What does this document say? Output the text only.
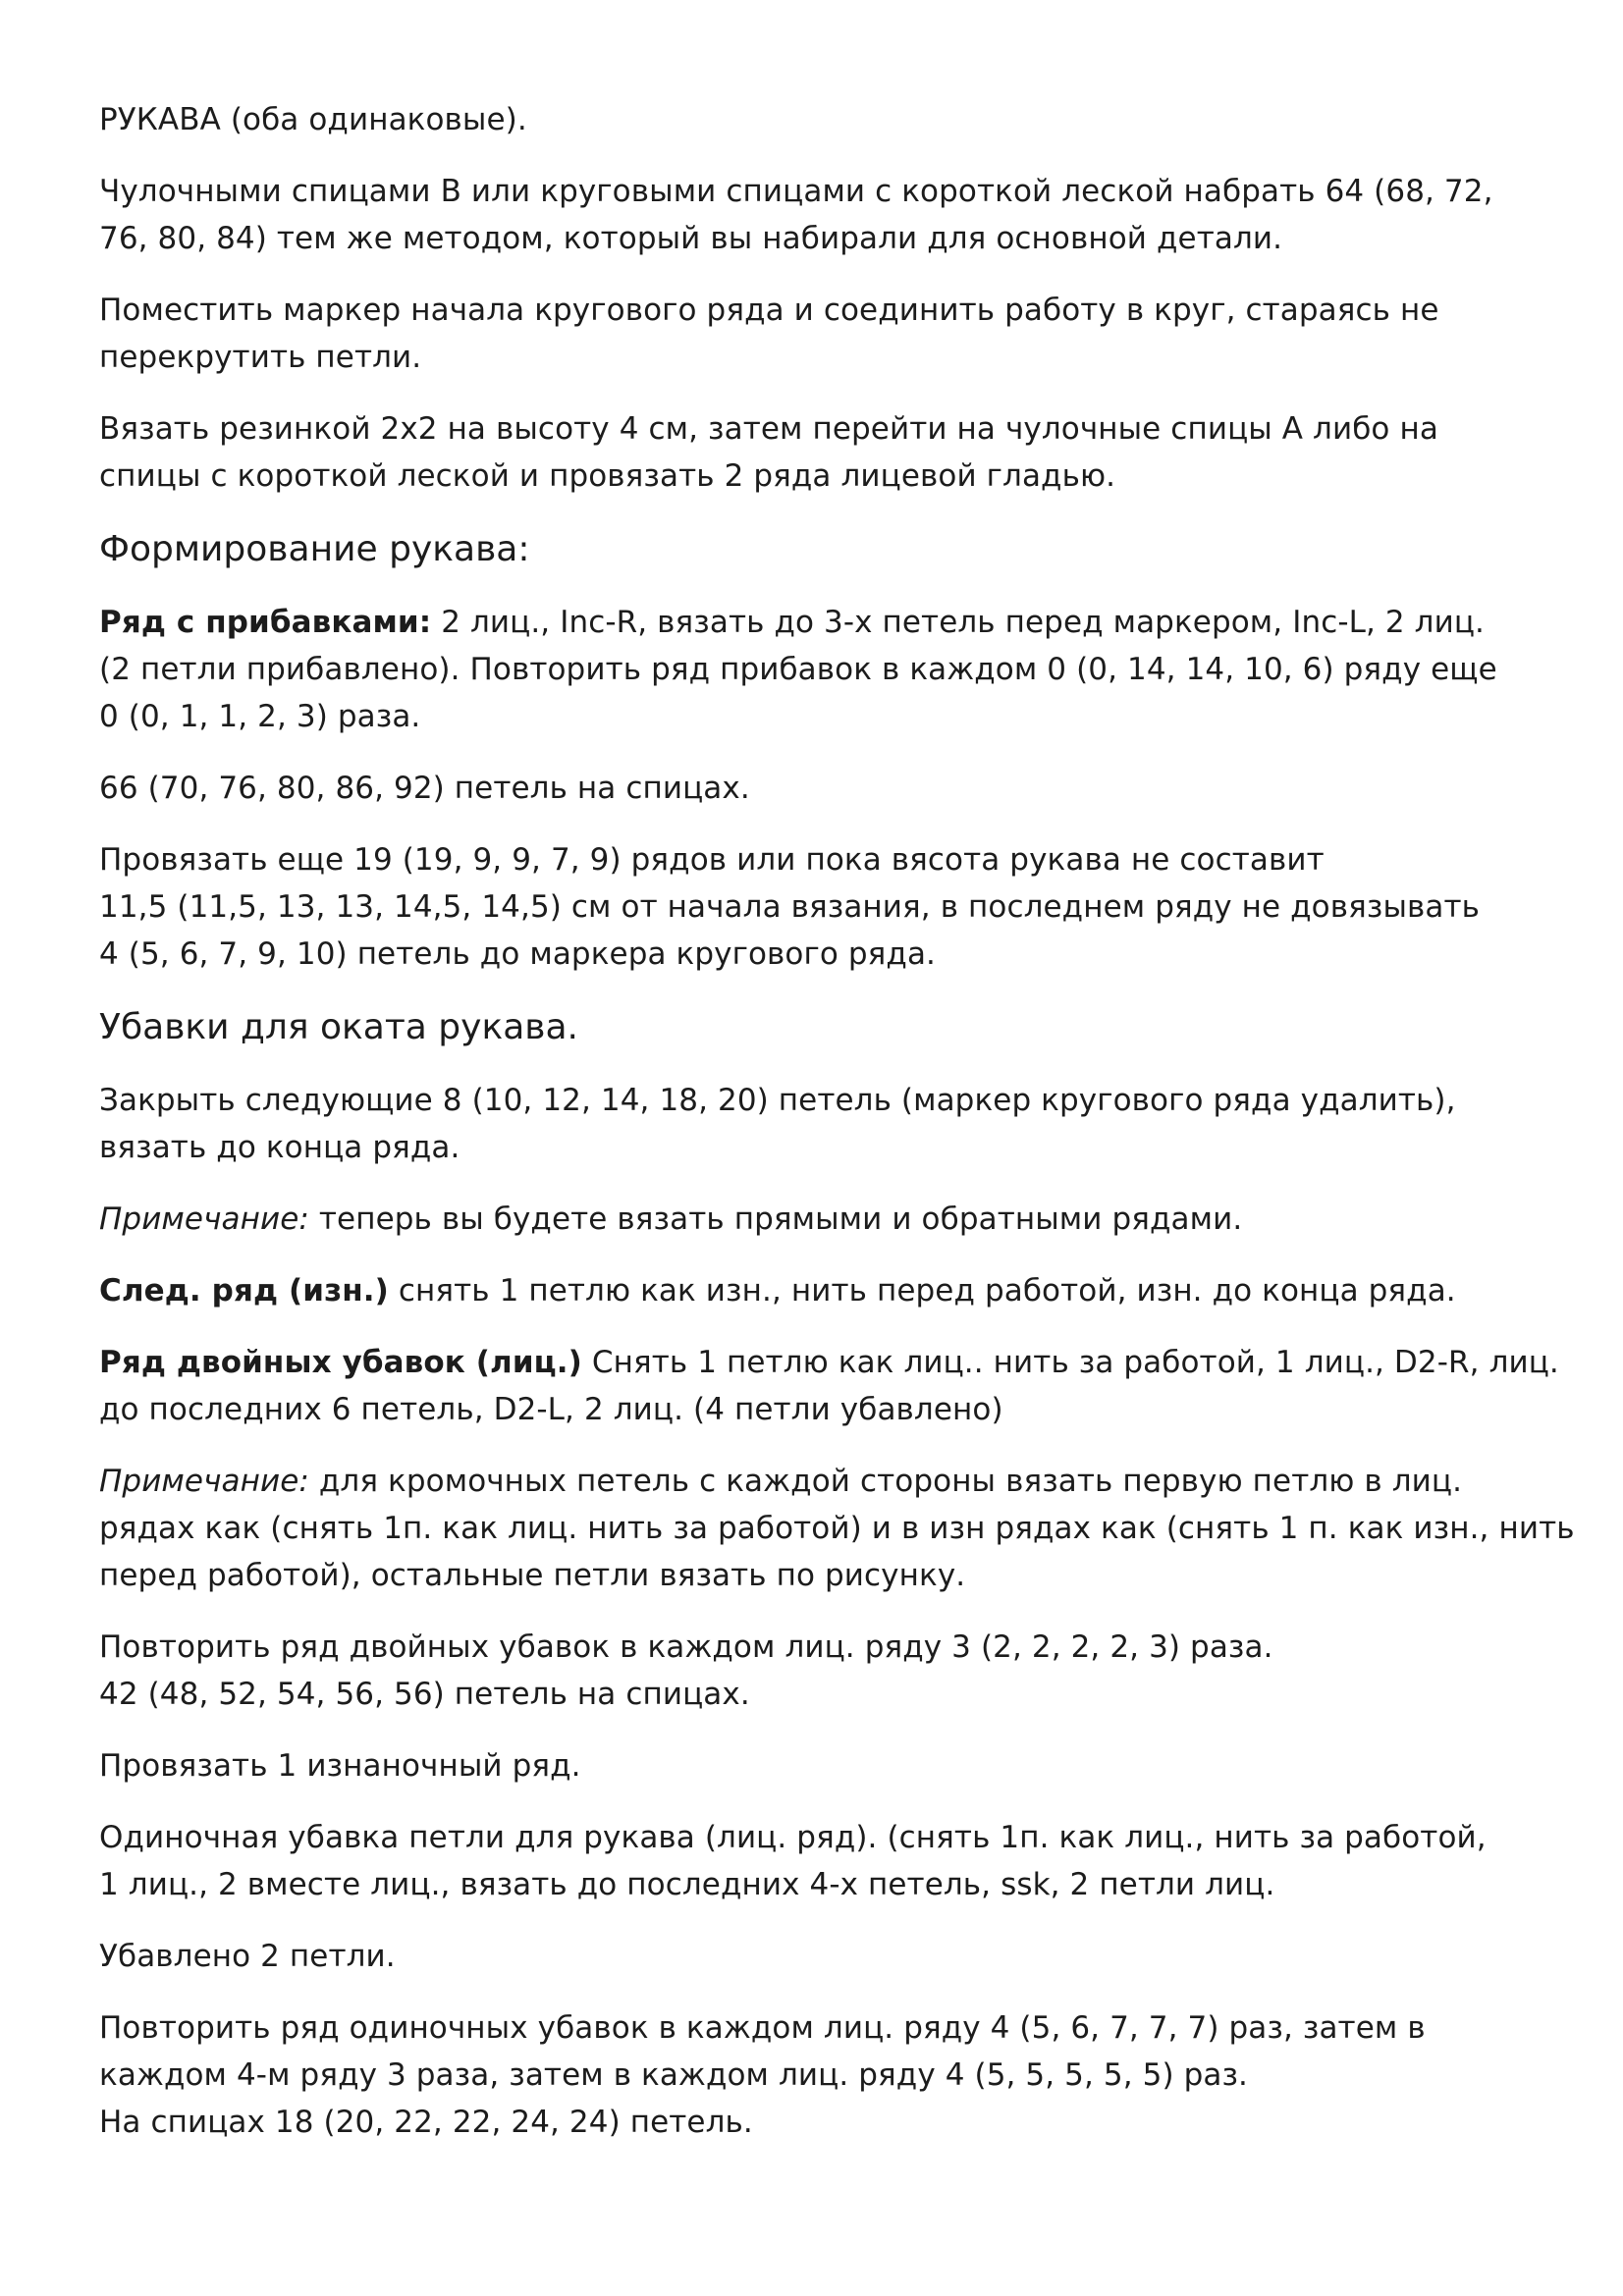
РУКАВА (оба одинаковые).
Чулочными спицами В или круговыми спицами с короткой леской набрать 64 (68, 72,
76, 80, 84) тем же методом, который вы набирали для основной детали.
Поместить маркер начала кругового ряда и соединить работу в круг, стараясь не
перекрутить петли.
Вязать резинкой 2х2 на высоту 4 см, затем перейти на чулочные спицы А либо на
спицы с короткой леской и провязать 2 ряда лицевой гладью.
Формирование рукава:
Ряд с прибавками: 2 лиц., Inc-R, вязать до 3-х петель перед маркером, Inc-L, 2 лиц.
(2 петли прибавлено). Повторить ряд прибавок в каждом 0 (0, 14, 14, 10, 6) ряду еще
0 (0, 1, 1, 2, 3) раза.
66 (70, 76, 80, 86, 92) петель на спицах.
Провязать еще 19 (19, 9, 9, 7, 9) рядов или пока вясота рукава не составит
11,5 (11,5, 13, 13, 14,5, 14,5) см от начала вязания, в последнем ряду не довязывать
4 (5, 6, 7, 9, 10) петель до маркера кругового ряда.
Убавки для оката рукава.
Закрыть следующие 8 (10, 12, 14, 18, 20) петель (маркер кругового ряда удалить),
вязать до конца ряда.
Примечание: теперь вы будете вязать прямыми и обратными рядами.
След. ряд (изн.) снять 1 петлю как изн., нить перед работой, изн. до конца ряда.
Ряд двойных убавок (лиц.) Снять 1 петлю как лиц.. нить за работой, 1 лиц., D2-R, лиц.
до последних 6 петель, D2-L, 2 лиц. (4 петли убавлено)
Примечание: для кромочных петель с каждой стороны вязать первую петлю в лиц.
рядах как (снять 1п. как лиц. нить за работой) и в изн рядах как (снять 1 п. как изн., нить
перед работой), остальные петли вязать по рисунку.
Повторить ряд двойных убавок в каждом лиц. ряду 3 (2, 2, 2, 2, 3) раза.
42 (48, 52, 54, 56, 56) петель на спицах.
Провязать 1 изнаночный ряд.
Одиночная убавка петли для рукава (лиц. ряд). (снять 1п. как лиц., нить за работой,
1 лиц., 2 вместе лиц., вязать до последних 4-х петель, ssk, 2 петли лиц.
Убавлено 2 петли.
Повторить ряд одиночных убавок в каждом лиц. ряду 4 (5, 6, 7, 7, 7) раз, затем в
каждом 4-м ряду 3 раза, затем в каждом лиц. ряду 4 (5, 5, 5, 5, 5) раз.
На спицах 18 (20, 22, 22, 24, 24) петель.
